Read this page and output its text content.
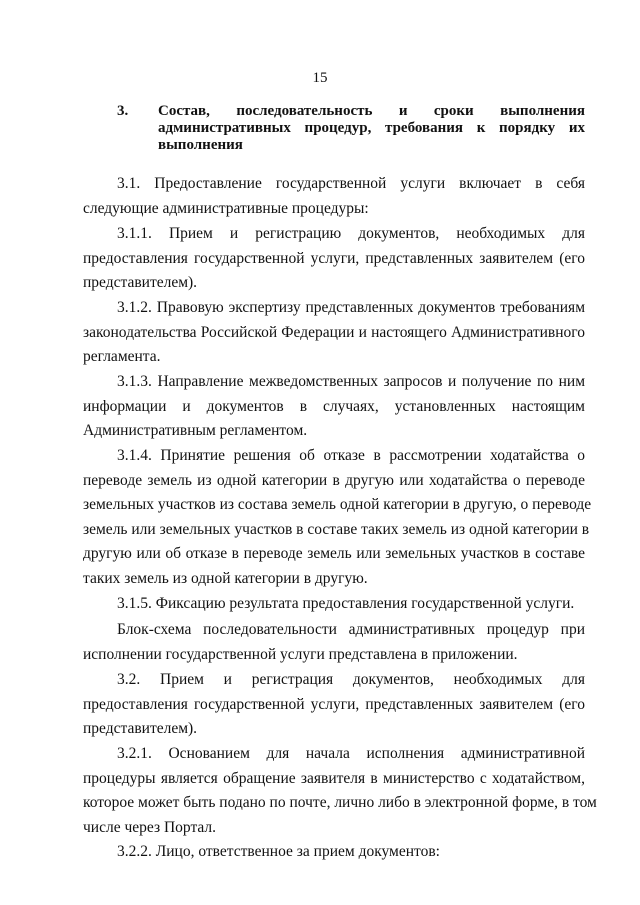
15
3. Состав, последовательность и сроки выполнения
административных процедур, требования к порядку их
выполнения
3.1. Предоставление государственной услуги включает в себя
следующие административные процедуры:
3.1.1. Прием и регистрацию документов, необходимых для
предоставления государственной услуги, представленных заявителем (его
представителем).
3.1.2. Правовую экспертизу представленных документов требованиям
законодательства Российской Федерации и настоящего Административного
регламента.
3.1.3. Направление межведомственных запросов и получение по ним
информации и документов в случаях, установленных настоящим
Административным регламентом.
3.1.4. Принятие решения об отказе в рассмотрении ходатайства о
переводе земель из одной категории в другую или ходатайства о переводе
земельных участков из состава земель одной категории в другую, о переводе
земель или земельных участков в составе таких земель из одной категории в
другую или об отказе в переводе земель или земельных участков в составе
таких земель из одной категории в другую.
3.1.5. Фиксацию результата предоставления государственной услуги.
Блок-схема последовательности административных процедур при
исполнении государственной услуги представлена в приложении.
3.2. Прием и регистрация документов, необходимых для
предоставления государственной услуги, представленных заявителем (его
представителем).
3.2.1. Основанием для начала исполнения административной
процедуры является обращение заявителя в министерство с ходатайством,
которое может быть подано по почте, лично либо в электронной форме, в том
числе через Портал.
3.2.2. Лицо, ответственное за прием документов:
